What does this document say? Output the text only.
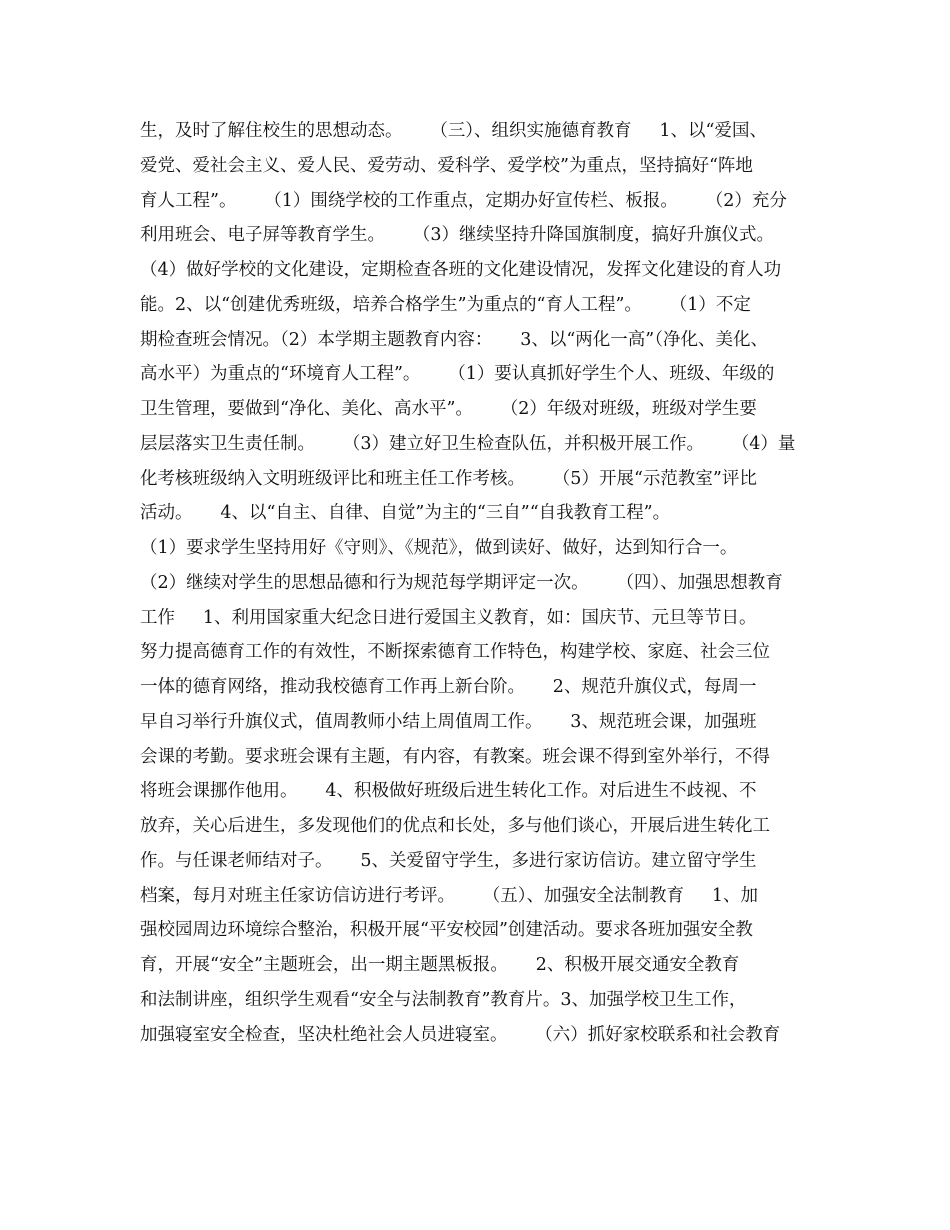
生，及时了解住校生的思想动态。     （三）、组织实施德育教育     1、以“爱国、
爱党、爱社会主义、爱人民、爱劳动、爱科学、爱学校”为重点，坚持搞好“阵地
育人工程”。     （1）围绕学校的工作重点，定期办好宣传栏、板报。     （2）充分
利用班会、电子屏等教育学生。     （3）继续坚持升降国旗制度，搞好升旗仪式。
（4）做好学校的文化建设，定期检查各班的文化建设情况，发挥文化建设的育人功
能。2、以“创建优秀班级，培养合格学生”为重点的“育人工程”。     （1）不定
期检查班会情况。（2）本学期主题教育内容：     3、以“两化一高”（净化、美化、
高水平）为重点的“环境育人工程”。     （1）要认真抓好学生个人、班级、年级的
卫生管理，要做到“净化、美化、高水平”。     （2）年级对班级，班级对学生要
层层落实卫生责任制。     （3）建立好卫生检查队伍，并积极开展工作。     （4）量
化考核班级纳入文明班级评比和班主任工作考核。     （5）开展“示范教室”评比
活动。     4、以“自主、自律、自觉”为主的“三自”“自我教育工程”。
（1）要求学生坚持用好《守则》、《规范》，做到读好、做好，达到知行合一。
（2）继续对学生的思想品德和行为规范每学期评定一次。     （四）、加强思想教育
工作     1、利用国家重大纪念日进行爱国主义教育，如：国庆节、元旦等节日。
努力提高德育工作的有效性，不断探索德育工作特色，构建学校、家庭、社会三位
一体的德育网络，推动我校德育工作再上新台阶。     2、规范升旗仪式，每周一
早自习举行升旗仪式，值周教师小结上周值周工作。     3、规范班会课，加强班
会课的考勤。要求班会课有主题，有内容，有教案。班会课不得到室外举行，不得
将班会课挪作他用。     4、积极做好班级后进生转化工作。对后进生不歧视、不
放弃，关心后进生，多发现他们的优点和长处，多与他们谈心，开展后进生转化工
作。与任课老师结对子。     5、关爱留守学生，多进行家访信访。建立留守学生
档案，每月对班主任家访信访进行考评。     （五）、加强安全法制教育     1、加
强校园周边环境综合整治，积极开展“平安校园”创建活动。要求各班加强安全教
育，开展“安全”主题班会，出一期主题黑板报。     2、积极开展交通安全教育
和法制讲座，组织学生观看“安全与法制教育”教育片。3、加强学校卫生工作，
加强寝室安全检查，坚决杜绝社会人员进寝室。     （六）抓好家校联系和社会教育
